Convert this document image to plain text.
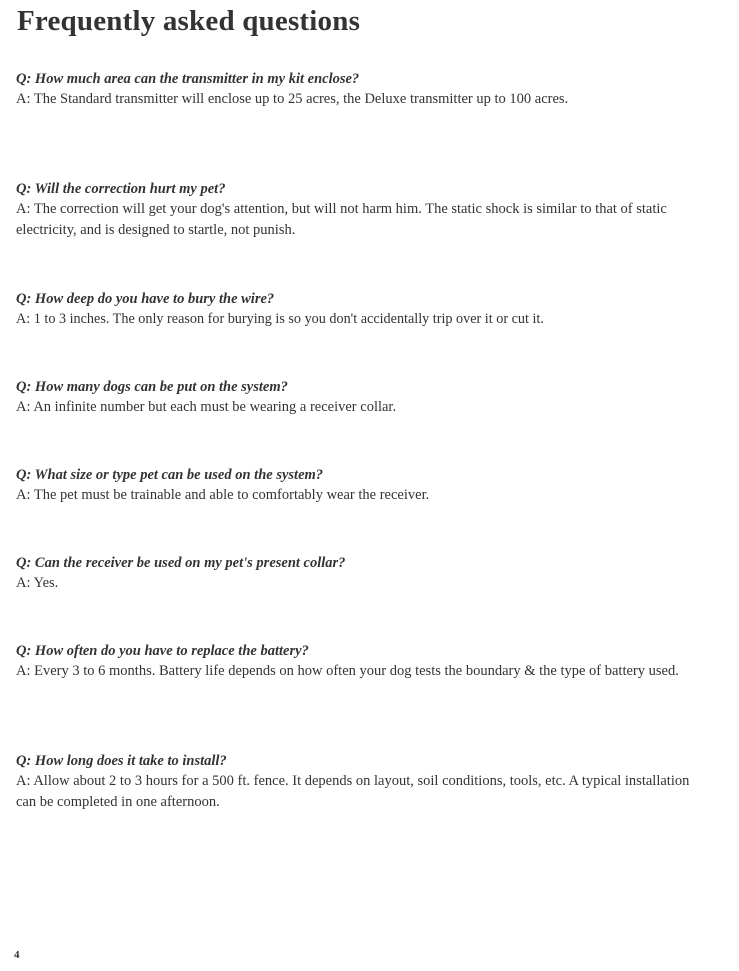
Frequently asked questions
Q: How much area can the transmitter in my kit enclose?
A: The Standard transmitter will enclose up to 25 acres, the Deluxe transmitter up to 100 acres.
Q: Will the correction hurt my pet?
A: The correction will get your dog's attention, but will not harm him. The static shock is similar to that of static electricity, and is designed to startle, not punish.
Q: How deep do you have to bury the wire?
A: 1 to 3 inches. The only reason for burying is so you don't accidentally trip over it or cut it.
Q: How many dogs can be put on the system?
A: An infinite number but each must be wearing a receiver collar.
Q: What size or type pet can be used on the system?
A: The pet must be trainable and able to comfortably wear the receiver.
Q: Can the receiver be used on my pet's present collar?
A: Yes.
Q: How often do you have to replace the battery?
A: Every 3 to 6 months. Battery life depends on how often your dog tests the boundary & the type of battery used.
Q: How long does it take to install?
A: Allow about 2 to 3 hours for a 500 ft. fence. It depends on layout, soil conditions, tools, etc. A typical installation can be completed in one afternoon.
4
